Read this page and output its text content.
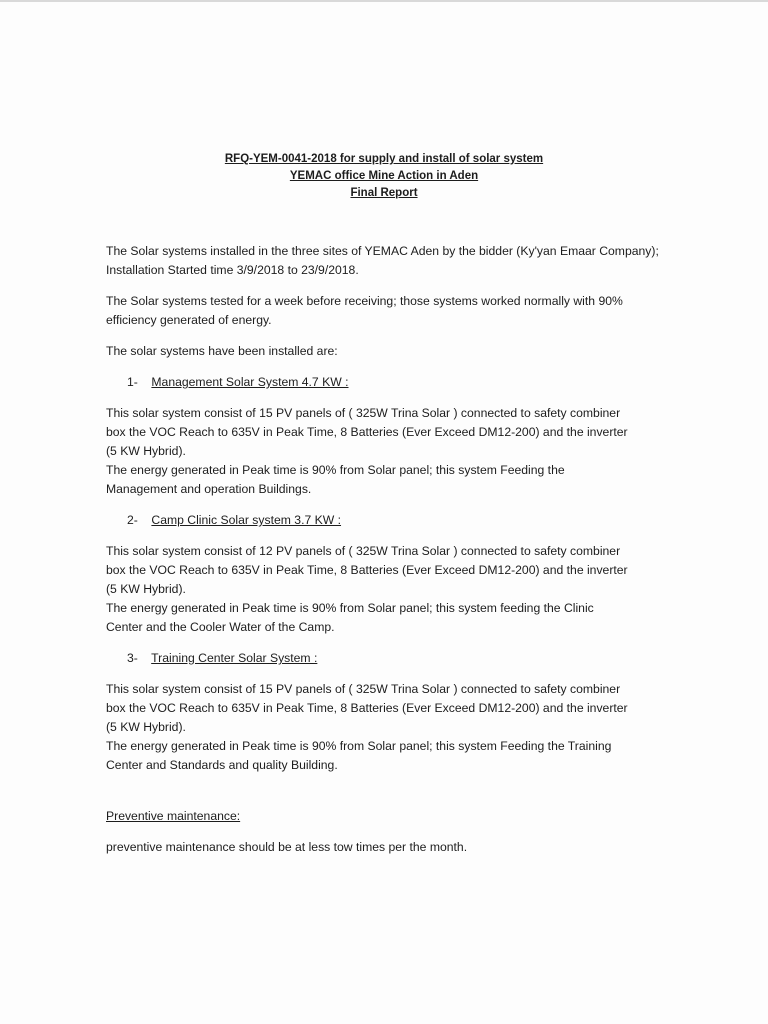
RFQ-YEM-0041-2018 for supply and install of solar system
YEMAC office Mine Action in Aden
Final Report

The Solar systems installed in the three sites of YEMAC Aden by the bidder (Ky'yan Emaar Company); Installation Started time 3/9/2018 to 23/9/2018.

The Solar systems tested for a week before receiving; those systems worked normally with 90% efficiency generated of energy.

The solar systems have been installed are:

1- Management Solar System 4.7 KW :
This solar system consist of 15 PV panels of ( 325W Trina Solar ) connected to safety combiner
box the VOC Reach to 635V in Peak Time, 8 Batteries (Ever Exceed DM12-200) and the inverter
(5 KW Hybrid).
The energy generated in Peak time is 90% from Solar panel; this system Feeding the
Management and operation Buildings.
2- Camp Clinic Solar system 3.7 KW :
This solar system consist of 12 PV panels of ( 325W Trina Solar ) connected to safety combiner
box the VOC Reach to 635V in Peak Time, 8 Batteries (Ever Exceed DM12-200) and the inverter
(5 KW Hybrid).
The energy generated in Peak time is 90% from Solar panel; this system feeding the Clinic
Center and the Cooler Water of the Camp.
3- Training Center Solar System :
This solar system consist of 15 PV panels of ( 325W Trina Solar ) connected to safety combiner
box the VOC Reach to 635V in Peak Time, 8 Batteries (Ever Exceed DM12-200) and the inverter
(5 KW Hybrid).
The energy generated in Peak time is 90% from Solar panel; this system Feeding the Training
Center and Standards and quality Building.
Preventive maintenance:

preventive maintenance should be at less tow times per the month.
